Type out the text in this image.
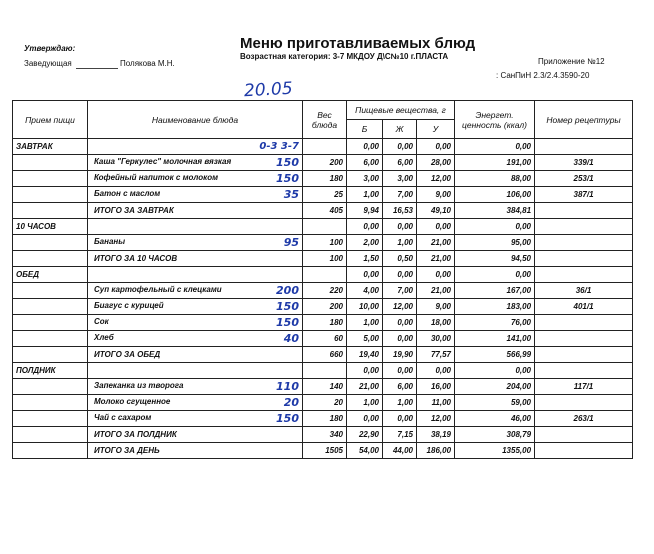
Утверждаю:
Заведующая	Полякова М.Н.
Меню приготавливаемых блюд
Возрастная категория: 3-7 МКДОУ Д\С№10 г.ПЛАСТА
Приложение №12
: СанПиН 2.3/2.4.3590-20
20.05
Прием пищи	Наименование блюда	Вес блюда	Пищевые вещества, г			Энергет. ценность (ккал)	Номер рецептуры
			Б	Ж	У		
ЗАВТРАК	0-3 3-7		0,00	0,00	0,00	0,00	
	Каша "Геркулес" молочная вязкая 150	200	6,00	6,00	28,00	191,00	339/1
	Кофейный напиток с молоком 150	180	3,00	3,00	12,00	88,00	253/1
	Батон с маслом 35	25	1,00	7,00	9,00	106,00	387/1
	ИТОГО ЗА ЗАВТРАК	405	9,94	16,53	49,10	384,81	
10 ЧАСОВ			0,00	0,00	0,00	0,00	
	Бананы 95	100	2,00	1,00	21,00	95,00	
	ИТОГО ЗА 10 ЧАСОВ	100	1,50	0,50	21,00	94,50	
ОБЕД			0,00	0,00	0,00	0,00	
	Суп картофельный с клецками 200	220	4,00	7,00	21,00	167,00	36/1
	Биагус с курицей 150	200	10,00	12,00	9,00	183,00	401/1
	Сок 150	180	1,00	0,00	18,00	76,00	
	Хлеб 40	60	5,00	0,00	30,00	141,00	
	ИТОГО ЗА ОБЕД	660	19,40	19,90	77,57	566,99	
ПОЛДНИК			0,00	0,00	0,00	0,00	
	Запеканка из творога 110	140	21,00	6,00	16,00	204,00	117/1
	Молоко сгущенное 20	20	1,00	1,00	11,00	59,00	
	Чай с сахаром 150	180	0,00	0,00	12,00	46,00	263/1
	ИТОГО ЗА ПОЛДНИК	340	22,90	7,15	38,19	308,79	
	ИТОГО ЗА ДЕНЬ	1505	54,00	44,00	186,00	1355,00	
